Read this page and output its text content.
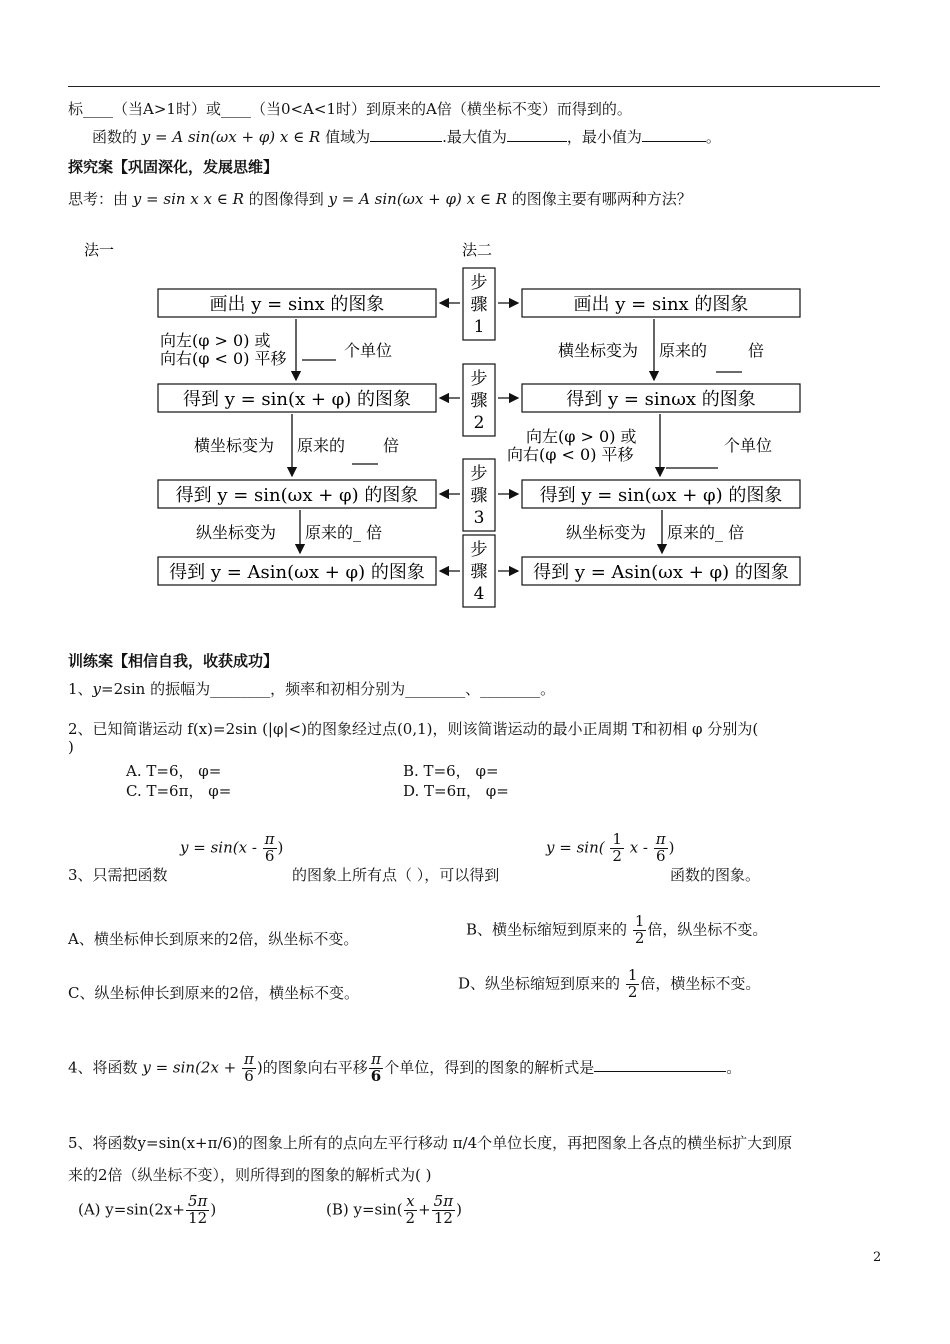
标____（当A>1时）或____（当0<A<1时）到原来的A倍（横坐标不变）而得到的。
函数的 y = A sin(ωx + φ) x ∈ R 值域为	.最大值为	，最小值为	。
探究案【巩固深化，发展思维】
思考：由 y = sin x x ∈ R 的图像得到 y = A sin(ωx + φ) x ∈ R 的图像主要有哪两种方法？
法一	法二
步
骤
1
步
骤
2
步
骤
3
步
骤
4
画出 y = sinx 的图象
得到 y = sin(x + φ) 的图象
得到 y = sin(ωx + φ) 的图象
得到 y = Asin(ωx + φ) 的图象
画出 y = sinx 的图象
得到 y = sinωx 的图象
得到 y = sin(ωx + φ) 的图象
得到 y = Asin(ωx + φ) 的图象
向左(φ > 0) 或
向右(φ < 0) 平移	个单位
横坐标变为 原来的 倍
纵坐标变为 原来的_ 倍
横坐标变为 原来的	倍
向左(φ > 0) 或
向右(φ < 0) 平移	个单位
纵坐标变为 原来的_ 倍
训练案【相信自我，收获成功】
1、y=2sin 的振幅为________，频率和初相分别为________、________。
2、已知简谐运动 f(x)=2sin (|φ|<)的图象经过点(0,1)，则该简谐运动的最小正周期 T和初相 φ 分别为(
)
A. T=6， φ=	B. T=6， φ=
C. T=6π， φ=	D. T=6π， φ=
3、只需把函数
$y = \sin(x - \frac{\pi}{6}$ )
的图象上所有点（ ），可以得到
$y = \sin( \frac{1}{2}$ x - $\frac{\pi}{6}$ )
函数的图象。
A、横坐标伸长到原来的2倍，纵坐标不变。
B、横坐标缩短到原来的 $\frac{1}{2}$ 倍，纵坐标不变。
C、纵坐标伸长到原来的2倍，横坐标不变。
D、纵坐标缩短到原来的 $\frac{1}{2}$ 倍，横坐标不变。
4、将函数 $y = \sin(2x + \frac{\pi}{6}$ )的图象向右平移 $\frac{\pi}{6}$ 个单位，得到的图象的解析式是	。
5、将函数y=sin(x+π/6)的图象上所有的点向左平行移动 π/4个单位长度，再把图象上各点的横坐标扩大到原
来的2倍（纵坐标不变），则所得到的图象的解析式为( )
(A) $y=\sin(2x+ \frac{5\pi}{12}$ )	(B) $y=\sin( \frac{x}{2} + \frac{5\pi}{12}$ )
2
